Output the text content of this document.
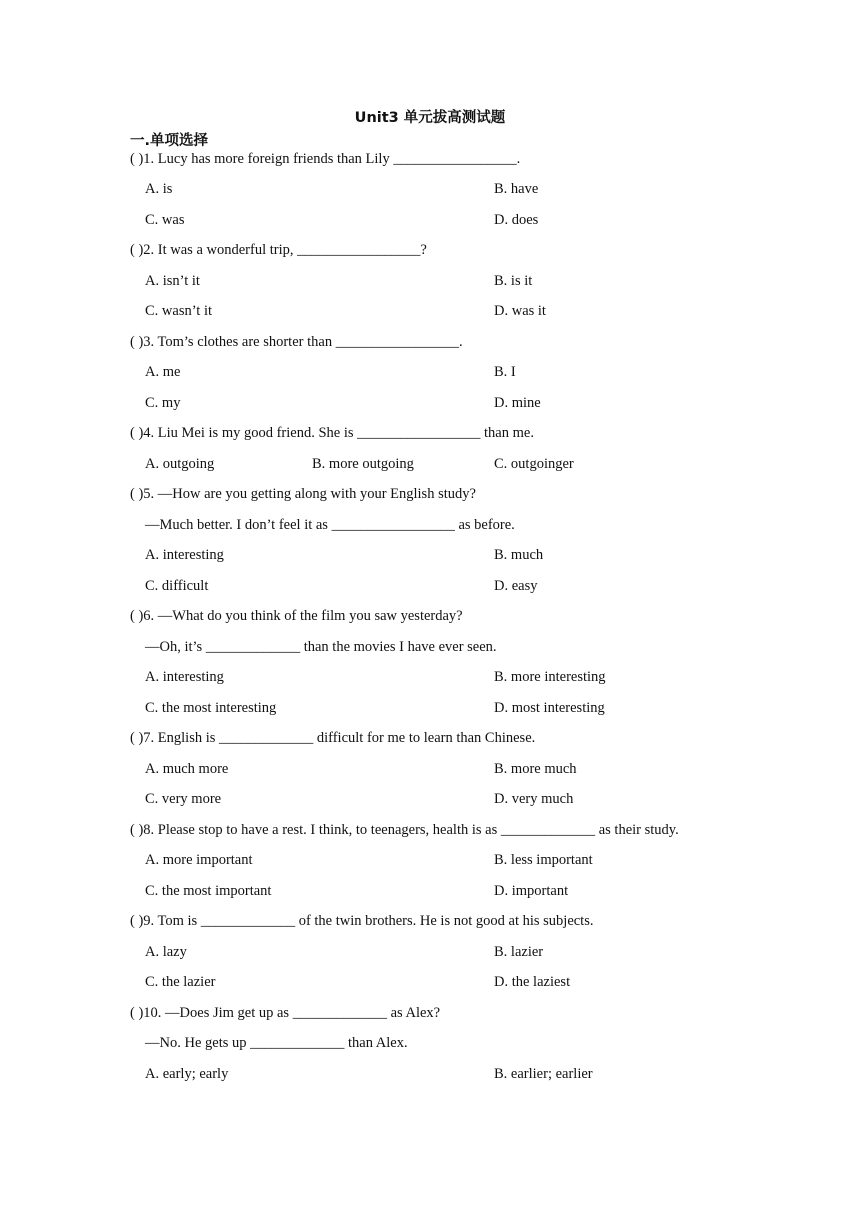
Unit3 单元拔高测试题
一.单项选择
( )1. Lucy has more foreign friends than Lily _________________.
A. is	B. have
C. was	D. does
( )2. It was a wonderful trip, _________________?
A. isn’t it	B. is it
C. wasn’t it	D. was it
( )3. Tom’s clothes are shorter than _________________.
A. me	B. I
C. my	D. mine
( )4. Liu Mei is my good friend. She is _________________ than me.
A. outgoing	B. more outgoing	C. outgoinger
( )5. —How are you getting along with your English study?
—Much better. I don’t feel it as _________________ as before.
A. interesting	B. much
C. difficult	D. easy
( )6. —What do you think of the film you saw yesterday?
—Oh, it’s _____________ than the movies I have ever seen.
A. interesting	B. more interesting
C. the most interesting	D. most interesting
( )7. English is _____________ difficult for me to learn than Chinese.
A. much more	B. more much
C. very more	D. very much
( )8. Please stop to have a rest. I think, to teenagers, health is as _____________ as their study.
A. more important	B. less important
C. the most important	D. important
( )9. Tom is _____________ of the twin brothers. He is not good at his subjects.
A. lazy	B. lazier
C. the lazier	D. the laziest
( )10. —Does Jim get up as _____________ as Alex?
—No. He gets up _____________ than Alex.
A. early; early	B. earlier; earlier
